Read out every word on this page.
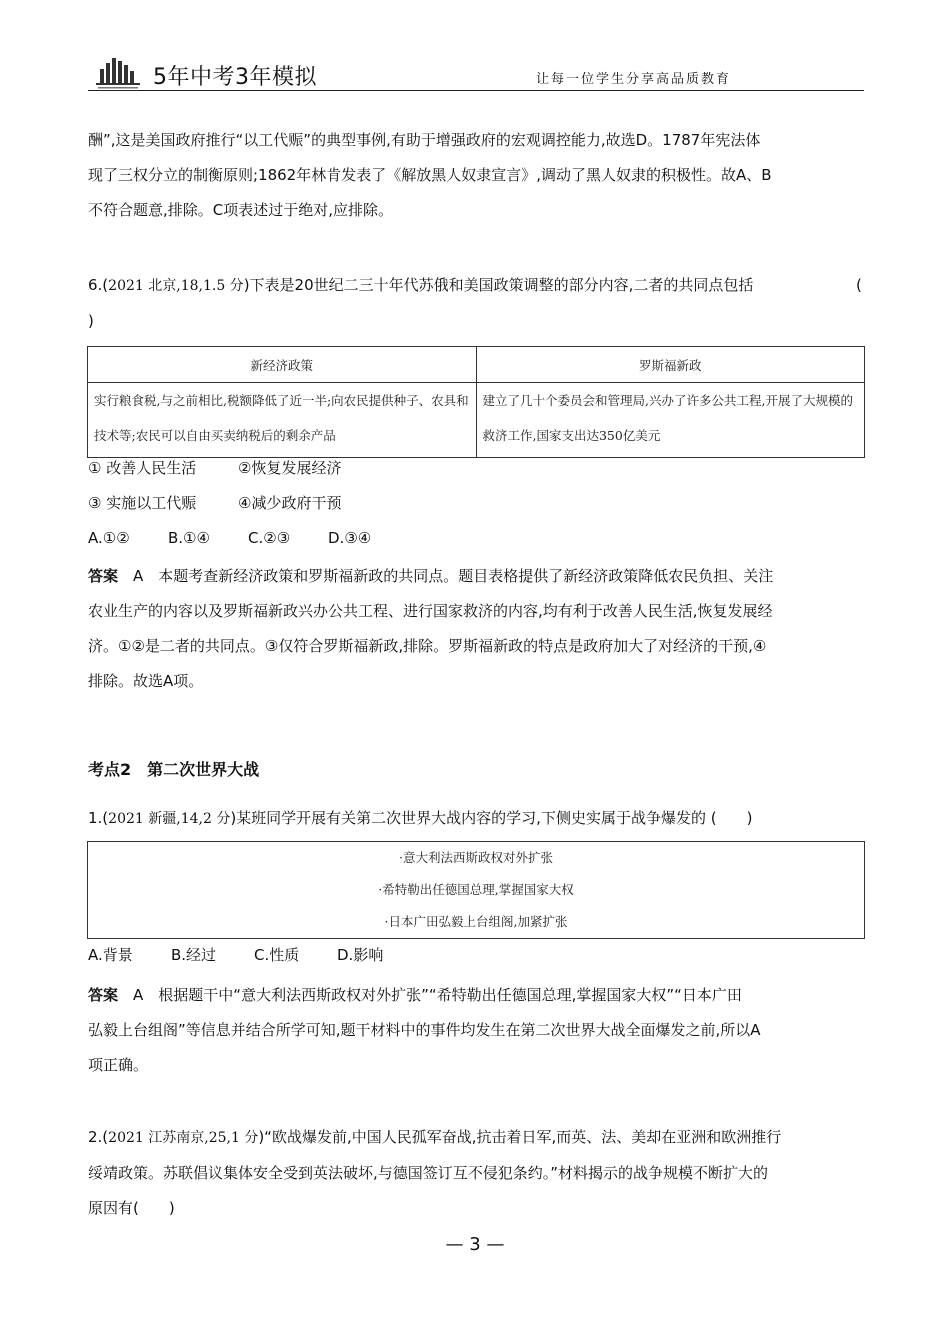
5年中考3年模拟	让每一位学生分享高品质教育
酬”,这是美国政府推行“以工代赈”的典型事例,有助于增强政府的宏观调控能力,故选D。1787年宪法体
现了三权分立的制衡原则;1862年林肯发表了《解放黑人奴隶宣言》,调动了黑人奴隶的积极性。故A、B
不符合题意,排除。C项表述过于绝对,应排除。
6.(2021 北京,18,1.5 分)下表是20世纪二三十年代苏俄和美国政策调整的部分内容,二者的共同点包括	(
)
新经济政策	罗斯福新政
实行粮食税,与之前相比,税额降低了近一半;向农民提供种子、农具和技术等;农民可以自由买卖纳税后的剩余产品	建立了几十个委员会和管理局,兴办了许多公共工程,开展了大规模的救济工作,国家支出达350亿美元
① 改善人民生活	②恢复发展经济
③ 实施以工代赈	④减少政府干预
A.①②	B.①④	C.②③	D.③④
答案　 A　本题考查新经济政策和罗斯福新政的共同点。题目表格提供了新经济政策降低农民负担、关注
农业生产的内容以及罗斯福新政兴办公共工程、进行国家救济的内容,均有利于改善人民生活,恢复发展经
济。①②是二者的共同点。③仅符合罗斯福新政,排除。罗斯福新政的特点是政府加大了对经济的干预,④
排除。故选A项。
考点2　第二次世界大战
1.(2021 新疆,14,2 分)某班同学开展有关第二次世界大战内容的学习,下侧史实属于战争爆发的 (　　)
·意大利法西斯政权对外扩张
·希特勒出任德国总理,掌握国家大权
·日本广田弘毅上台组阁,加紧扩张
A.背景	B.经过	C.性质	D.影响
答案　 A　根据题干中“意大利法西斯政权对外扩张”“希特勒出任德国总理,掌握国家大权”“日本广田
弘毅上台组阁”等信息并结合所学可知,题干材料中的事件均发生在第二次世界大战全面爆发之前,所以A
项正确。
2.(2021 江苏南京,25,1 分)“欧战爆发前,中国人民孤军奋战,抗击着日军,而英、法、美却在亚洲和欧洲推行
绥靖政策。苏联倡议集体安全受到英法破坏,与德国签订互不侵犯条约。”材料揭示的战争规模不断扩大的
原因有(　　)
— 3 —
